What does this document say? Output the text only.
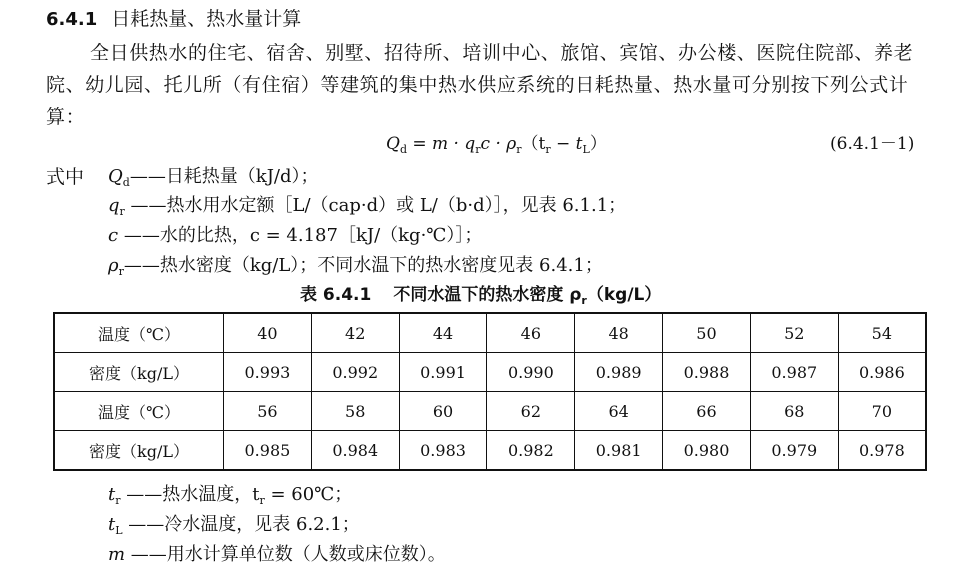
6.4.1 日耗热量、热水量计算
全日供热水的住宅、宿舍、别墅、招待所、培训中心、旅馆、宾馆、办公楼、医院住院部、养老
院、幼儿园、托儿所（有住宿）等建筑的集中热水供应系统的日耗热量、热水量可分别按下列公式计
算：
$Q_d = m \cdot q_rc \cdot \rho_r(t_r - t_L)$	(6.4.1－1)
式中 $Q_d——$日耗热量（kJ/d）；
$q_r$ ——热水用水定额［L/（cap·d）或 L/（b·d）］，见表 6.1.1；
c ——水的比热，c = 4.187［kJ/（kg·℃）］；
$\rho_r——$热水密度（kg/L）；不同水温下的热水密度见表 6.4.1；
表 6.4.1 不同水温下的热水密度 $\rho_r(kg/L)$
温度（℃）	40	42	44	46	48	50	52	54
密度（kg/L）	0.993	0.992	0.991	0.990	0.989	0.988	0.987	0.986
温度（℃）	56	58	60	62	64	66	68	70
密度（kg/L）	0.985	0.984	0.983	0.982	0.981	0.980	0.979	0.978
$t_r$ ——热水温度，$t_r$ = 60℃；
$t_L$ ——冷水温度，见表 6.2.1；
m ——用水计算单位数（人数或床位数）。
